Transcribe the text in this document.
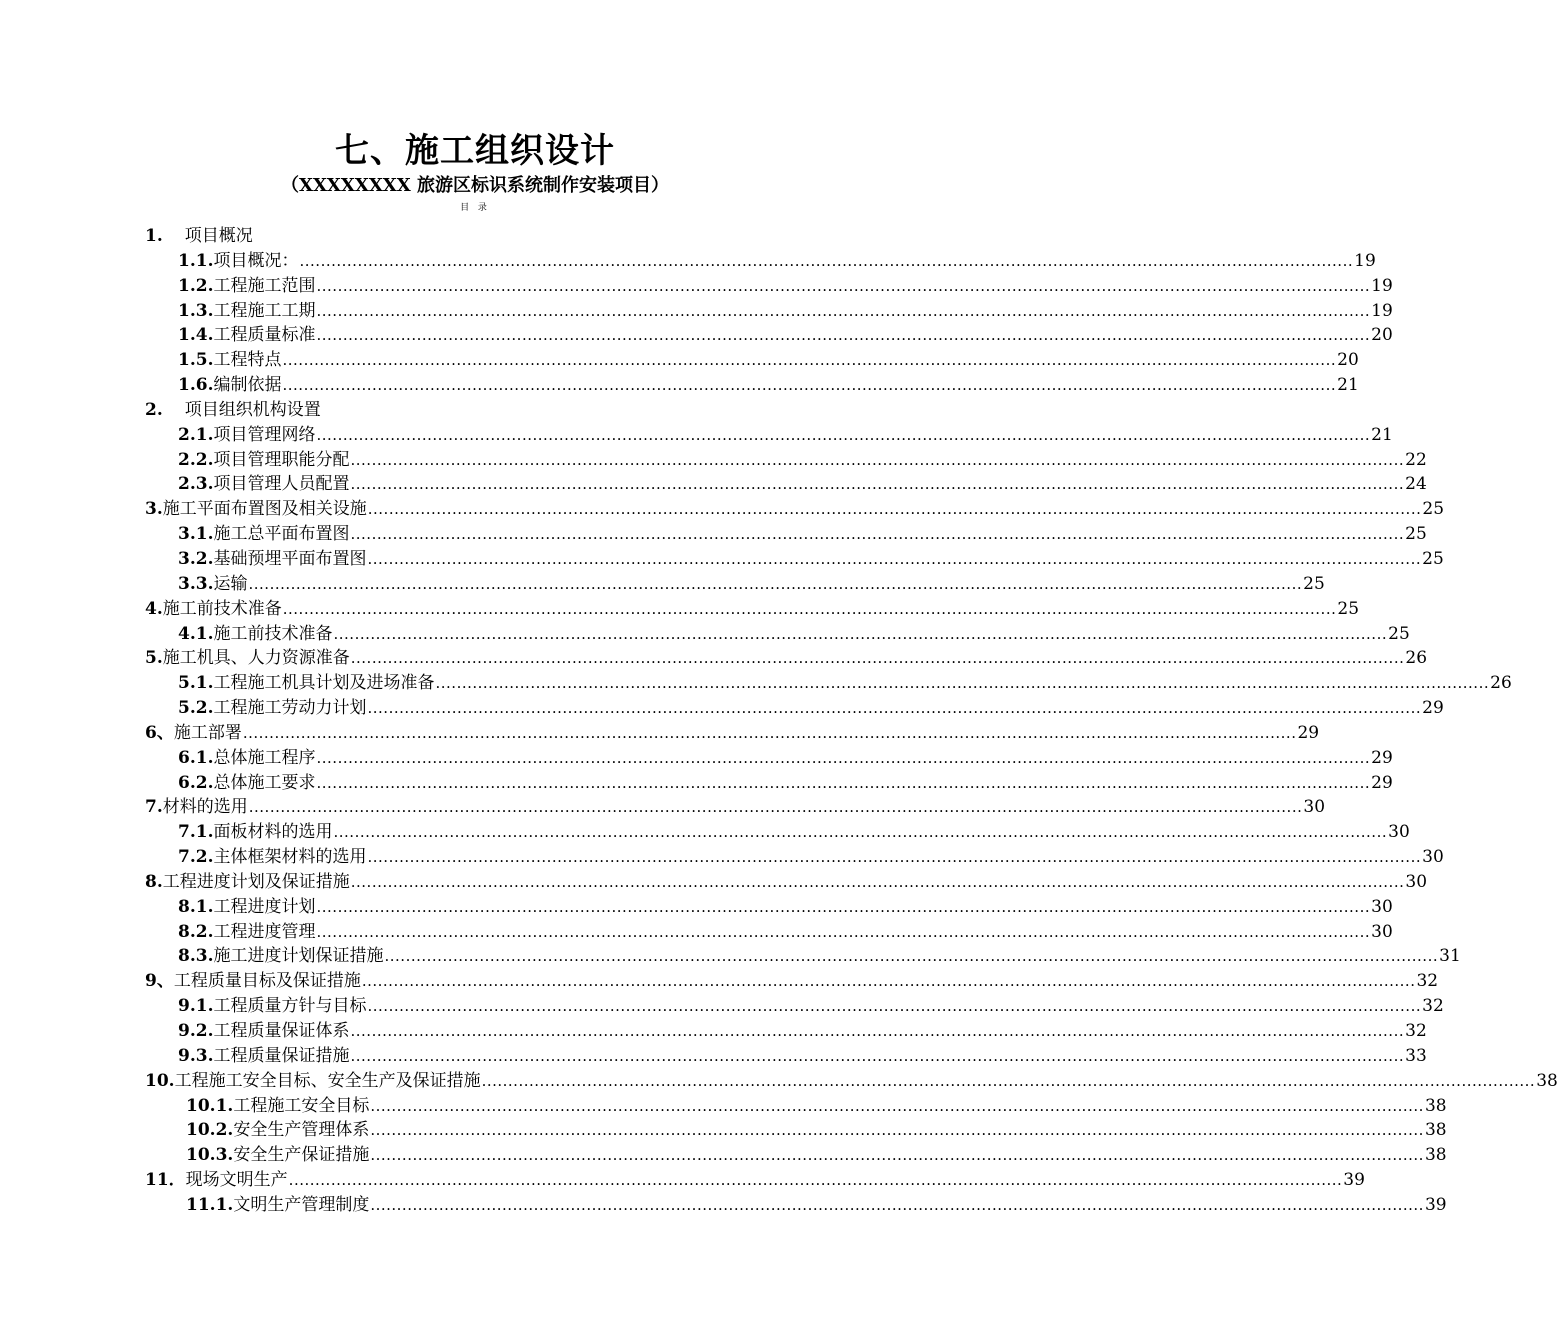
七、施工组织设计
（XXXXXXXX 旅游区标识系统制作安装项目）
目 录
1. 项目概况
1.1. 项目概况： ........................................................................................................................................................................................................ 19
1.2. 工程施工范围 ........................................................................................................................................................................................................ 19
1.3. 工程施工工期 ........................................................................................................................................................................................................ 19
1.4. 工程质量标准 ........................................................................................................................................................................................................ 20
1.5. 工程特点 ........................................................................................................................................................................................................ 20
1.6. 编制依据 ........................................................................................................................................................................................................ 21
2. 项目组织机构设置
2.1. 项目管理网络 ........................................................................................................................................................................................................ 21
2.2. 项目管理职能分配 ........................................................................................................................................................................................................ 22
2.3. 项目管理人员配置 ........................................................................................................................................................................................................ 24
3. 施工平面布置图及相关设施 ........................................................................................................................................................................................................ 25
3.1. 施工总平面布置图 ........................................................................................................................................................................................................ 25
3.2. 基础预埋平面布置图 ........................................................................................................................................................................................................ 25
3.3. 运输 ........................................................................................................................................................................................................ 25
4. 施工前技术准备 ........................................................................................................................................................................................................ 25
4.1. 施工前技术准备 ........................................................................................................................................................................................................ 25
5. 施工机具、人力资源准备 ........................................................................................................................................................................................................ 26
5.1. 工程施工机具计划及进场准备 ........................................................................................................................................................................................................ 26
5.2. 工程施工劳动力计划 ........................................................................................................................................................................................................ 29
6、 施工部署 ........................................................................................................................................................................................................ 29
6.1. 总体施工程序 ........................................................................................................................................................................................................ 29
6.2. 总体施工要求 ........................................................................................................................................................................................................ 29
7. 材料的选用 ........................................................................................................................................................................................................ 30
7.1. 面板材料的选用 ........................................................................................................................................................................................................ 30
7.2. 主体框架材料的选用 ........................................................................................................................................................................................................ 30
8. 工程进度计划及保证措施 ........................................................................................................................................................................................................ 30
8.1. 工程进度计划 ........................................................................................................................................................................................................ 30
8.2. 工程进度管理 ........................................................................................................................................................................................................ 30
8.3. 施工进度计划保证措施 ........................................................................................................................................................................................................ 31
9、 工程质量目标及保证措施 ........................................................................................................................................................................................................ 32
9.1. 工程质量方针与目标 ........................................................................................................................................................................................................ 32
9.2. 工程质量保证体系 ........................................................................................................................................................................................................ 32
9.3. 工程质量保证措施 ........................................................................................................................................................................................................ 33
10. 工程施工安全目标、安全生产及保证措施 ........................................................................................................................................................................................................ 38
10.1. 工程施工安全目标 ........................................................................................................................................................................................................ 38
10.2. 安全生产管理体系 ........................................................................................................................................................................................................ 38
10.3. 安全生产保证措施 ........................................................................................................................................................................................................ 38
11． 现场文明生产 ........................................................................................................................................................................................................ 39
11.1. 文明生产管理制度 ........................................................................................................................................................................................................ 39
